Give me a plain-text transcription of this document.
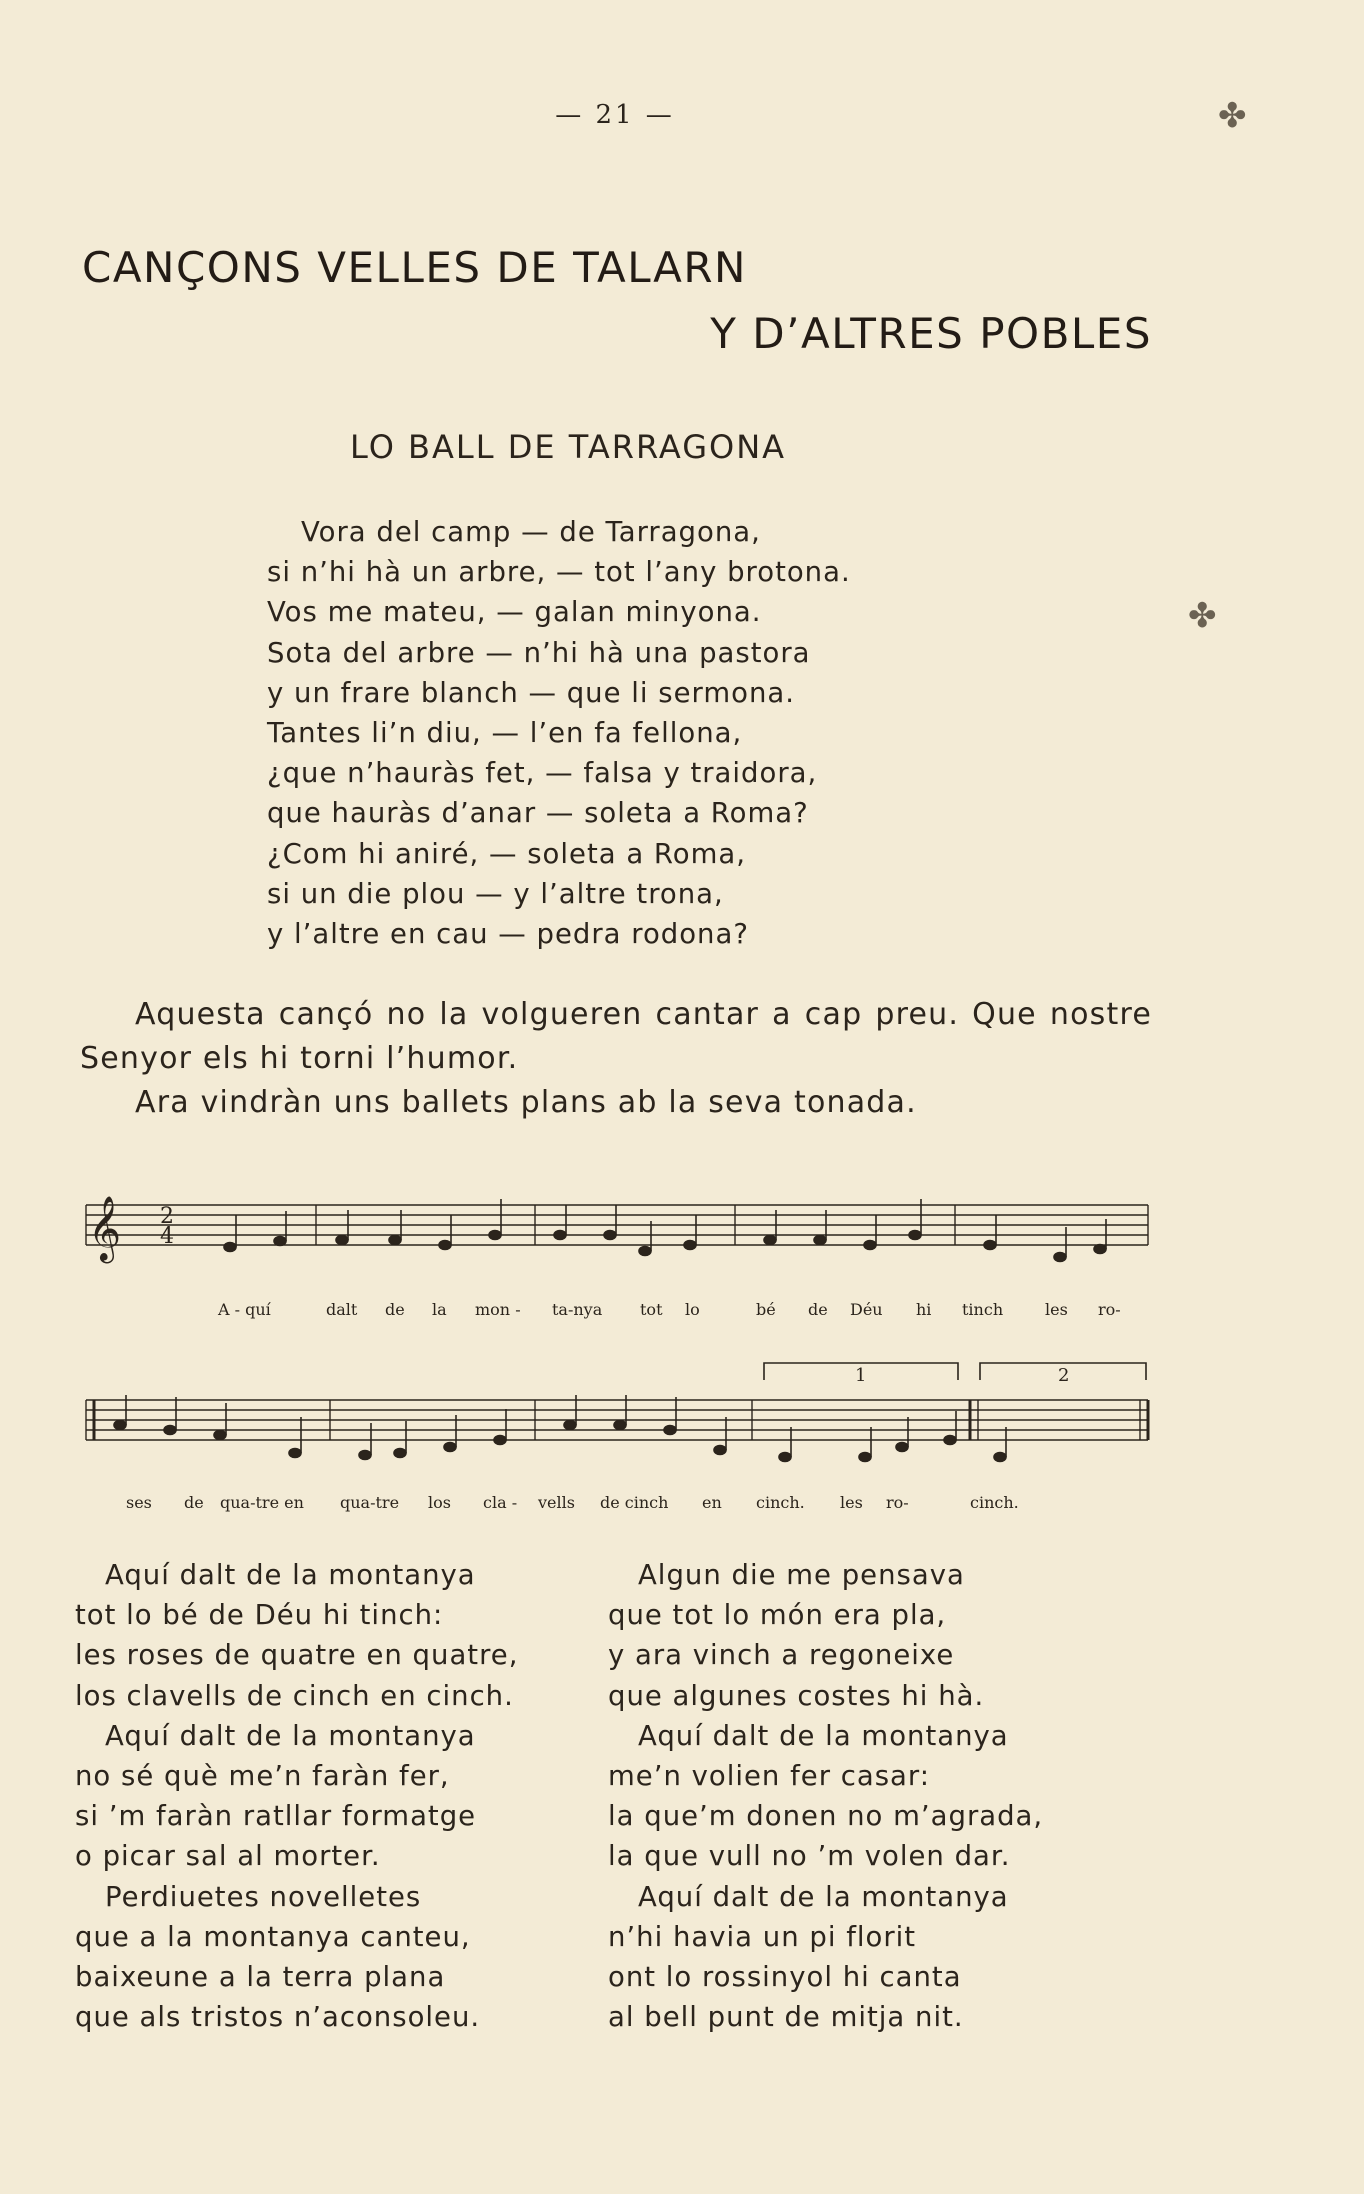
— 21 —
CANÇONS VELLES DE TALARN
Y D’ALTRES POBLES
LO BALL DE TARRAGONA
Vora del camp — de Tarragona,
si n’hi hà un arbre, — tot l’any brotona.
Vos me mateu, — galan minyona.
Sota del arbre — n’hi hà una pastora
y un frare blanch — que li sermona.
Tantes li’n diu, — l’en fa fellona,
¿que n’hauràs fet, — falsa y traidora,
que hauràs d’anar — soleta a Roma?
¿Com hi aniré, — soleta a Roma,
si un die plou — y l’altre trona,
y l’altre en cau — pedra rodona?
Aquesta cançó no la volgueren cantar a cap preu. Que nostre Senyor els hi torni l’humor.
Ara vindràn uns ballets plans ab la seva tonada.
𝄞 2
4
A - quí	dalt de la mon - ta-nya tot lo	bé de Déu hi tinch	les ro-
1	2
ses de qua-tre en qua-tre los cla - vells de cinch en cinch. les ro-	cinch.
Aquí dalt de la montanya
tot lo bé de Déu hi tinch:
les roses de quatre en quatre,
los clavells de cinch en cinch.
Aquí dalt de la montanya
no sé què me’n faràn fer,
si ’m faràn ratllar formatge
o picar sal al morter.
Perdiuetes novelletes
que a la montanya canteu,
baixeune a la terra plana
que als tristos n’aconsoleu.
Algun die me pensava
que tot lo món era pla,
y ara vinch a regoneixe
que algunes costes hi hà.
Aquí dalt de la montanya
me’n volien fer casar:
la que’m donen no m’agrada,
la que vull no ’m volen dar.
Aquí dalt de la montanya
n’hi havia un pi florit
ont lo rossinyol hi canta
al bell punt de mitja nit.
✤
✤
